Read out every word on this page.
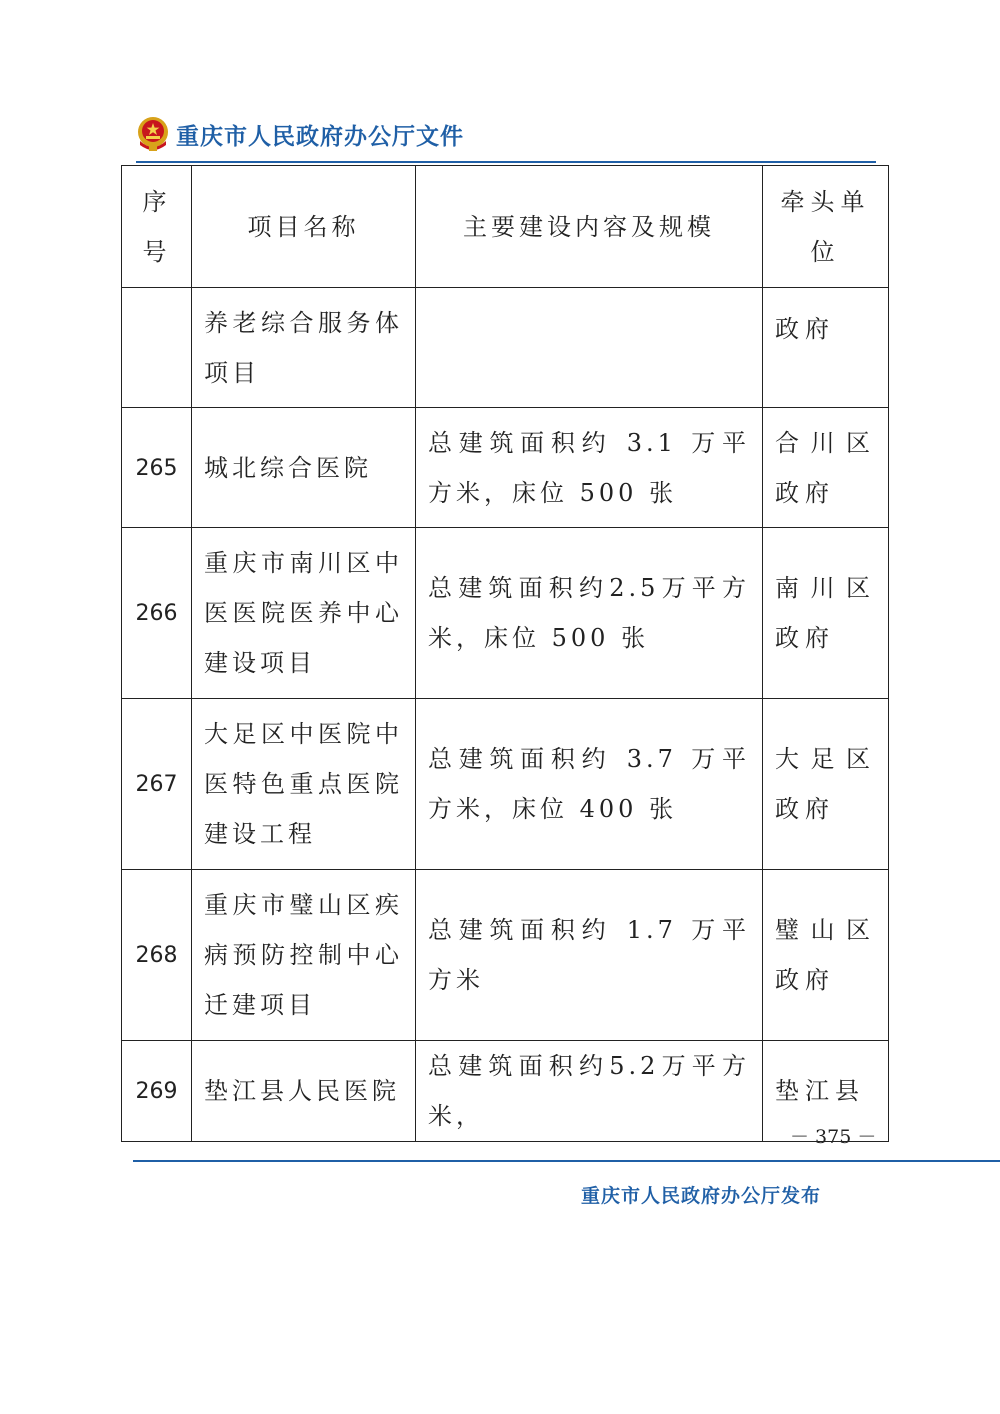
重庆市人民政府办公厅文件
序号	项目名称	主要建设内容及规模	牵头单位

	养老综合服务体项目		政府

265	城北综合医院	总建筑面积约 3.1 万平方米，床位 500 张	合川区政府

266	重庆市南川区中医医院医养中心建设项目	总建筑面积约2.5万平方米，床位 500 张	南川区政府

267	大足区中医院中医特色重点医院建设工程	总建筑面积约 3.7 万平方米，床位 400 张	大足区政府

268	重庆市璧山区疾病预防控制中心迁建项目	总建筑面积约 1.7 万平方米	璧山区政府

269	垫江县人民医院	总建筑面积约5.2万平方米，	垫江县
－ 375 －
重庆市人民政府办公厅发布
